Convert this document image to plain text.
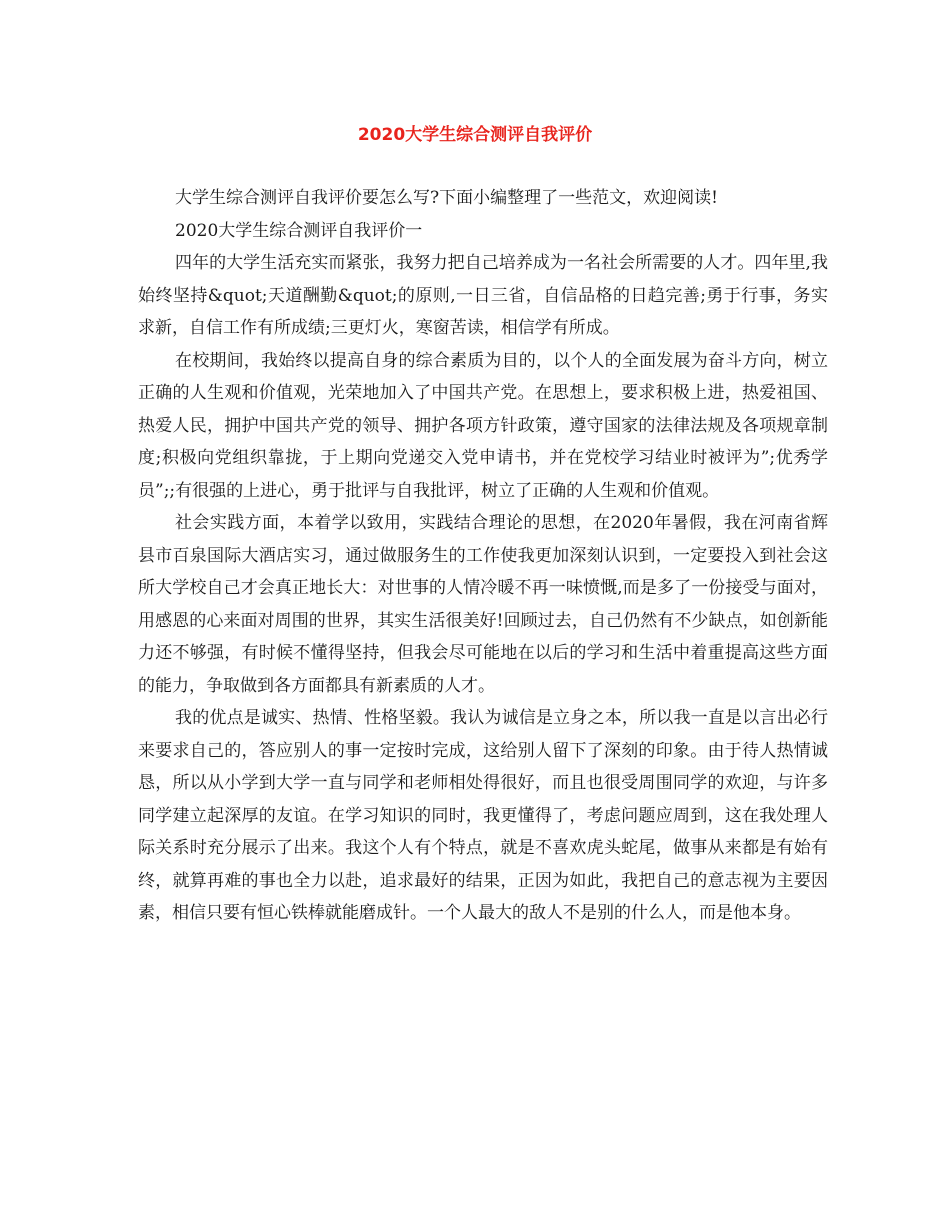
2020大学生综合测评自我评价

大学生综合测评自我评价要怎么写?下面小编整理了一些范文，欢迎阅读!

2020大学生综合测评自我评价一

四年的大学生活充实而紧张，我努力把自己培养成为一名社会所需要的人才。四年里,我始终坚持&quot;天道酬勤&quot;的原则,一日三省，自信品格的日趋完善;勇于行事，务实求新，自信工作有所成绩;三更灯火，寒窗苦读，相信学有所成。

在校期间，我始终以提高自身的综合素质为目的，以个人的全面发展为奋斗方向，树立正确的人生观和价值观，光荣地加入了中国共产党。在思想上，要求积极上进，热爱祖国、热爱人民，拥护中国共产党的领导、拥护各项方针政策，遵守国家的法律法规及各项规章制度;积极向党组织靠拢，于上期向党递交入党申请书，并在党校学习结业时被评为”;优秀学员”;;有很强的上进心，勇于批评与自我批评，树立了正确的人生观和价值观。

社会实践方面，本着学以致用，实践结合理论的思想，在2020年暑假，我在河南省辉县市百泉国际大酒店实习，通过做服务生的工作使我更加深刻认识到，一定要投入到社会这所大学校自己才会真正地长大：对世事的人情冷暖不再一味愤慨,而是多了一份接受与面对，用感恩的心来面对周围的世界，其实生活很美好!回顾过去，自己仍然有不少缺点，如创新能力还不够强，有时候不懂得坚持，但我会尽可能地在以后的学习和生活中着重提高这些方面的能力，争取做到各方面都具有新素质的人才。

我的优点是诚实、热情、性格坚毅。我认为诚信是立身之本，所以我一直是以言出必行来要求自己的，答应别人的事一定按时完成，这给别人留下了深刻的印象。由于待人热情诚恳，所以从小学到大学一直与同学和老师相处得很好，而且也很受周围同学的欢迎，与许多同学建立起深厚的友谊。在学习知识的同时，我更懂得了，考虑问题应周到，这在我处理人际关系时充分展示了出来。我这个人有个特点，就是不喜欢虎头蛇尾，做事从来都是有始有终，就算再难的事也全力以赴，追求最好的结果，正因为如此，我把自己的意志视为主要因素，相信只要有恒心铁棒就能磨成针。一个人最大的敌人不是别的什么人，而是他本身。
